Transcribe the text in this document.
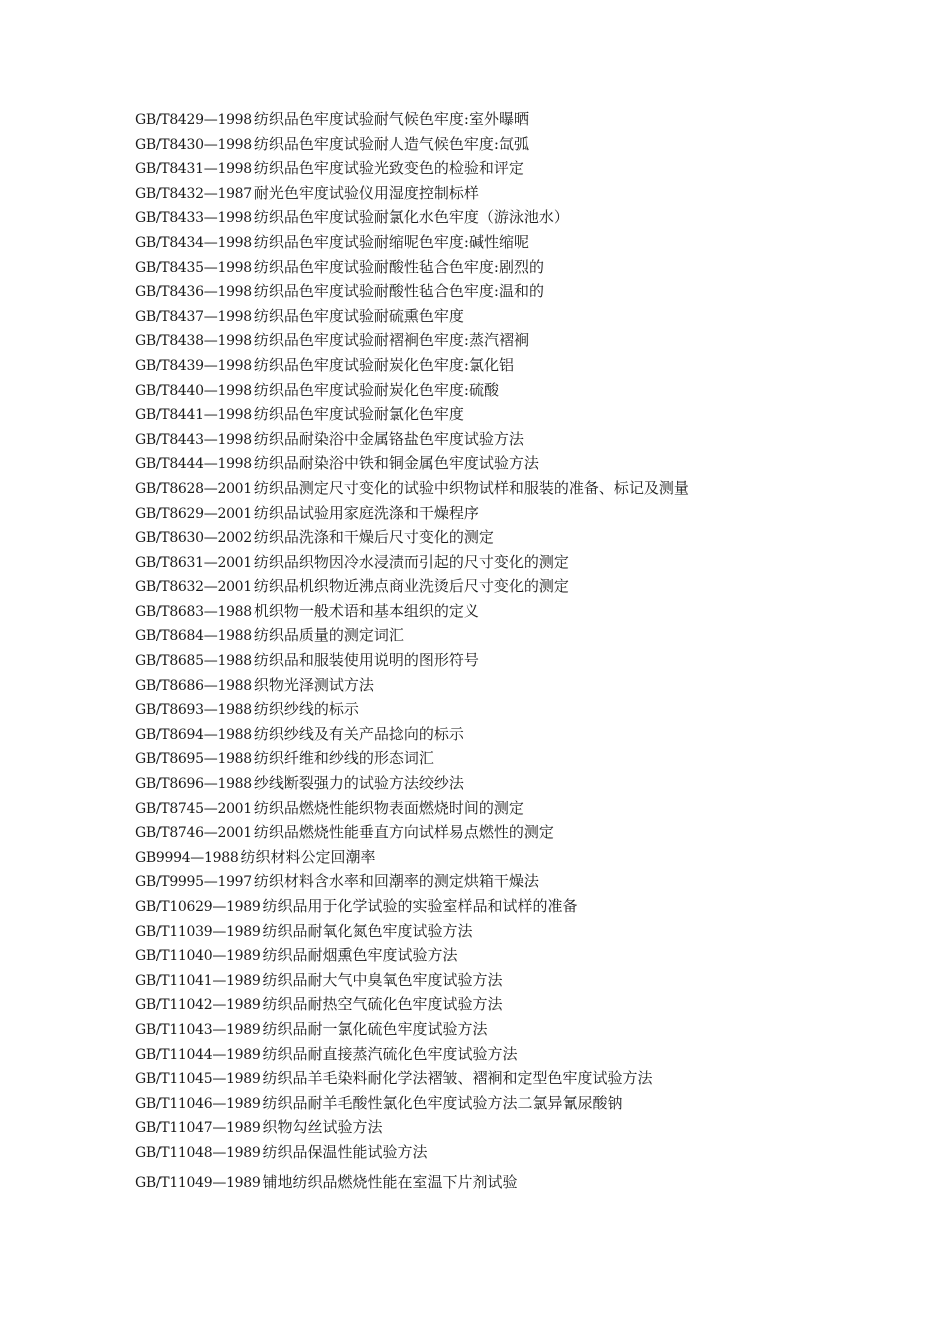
GB/T8429—1998 纺织品色牢度试验耐气候色牢度:室外曝晒
GB/T8430—1998 纺织品色牢度试验耐人造气候色牢度:氙弧
GB/T8431—1998 纺织品色牢度试验光致变色的检验和评定
GB/T8432—1987 耐光色牢度试验仪用湿度控制标样
GB/T8433—1998 纺织品色牢度试验耐氯化水色牢度（游泳池水）
GB/T8434—1998 纺织品色牢度试验耐缩呢色牢度:碱性缩呢
GB/T8435—1998 纺织品色牢度试验耐酸性毡合色牢度:剧烈的
GB/T8436—1998 纺织品色牢度试验耐酸性毡合色牢度:温和的
GB/T8437—1998 纺织品色牢度试验耐硫熏色牢度
GB/T8438—1998 纺织品色牢度试验耐褶裥色牢度:蒸汽褶裥
GB/T8439—1998 纺织品色牢度试验耐炭化色牢度:氯化铝
GB/T8440—1998 纺织品色牢度试验耐炭化色牢度:硫酸
GB/T8441—1998 纺织品色牢度试验耐氯化色牢度
GB/T8443—1998 纺织品耐染浴中金属铬盐色牢度试验方法
GB/T8444—1998 纺织品耐染浴中铁和铜金属色牢度试验方法
GB/T8628—2001 纺织品测定尺寸变化的试验中织物试样和服装的准备、标记及测量
GB/T8629—2001 纺织品试验用家庭洗涤和干燥程序
GB/T8630—2002 纺织品洗涤和干燥后尺寸变化的测定
GB/T8631—2001 纺织品织物因冷水浸渍而引起的尺寸变化的测定
GB/T8632—2001 纺织品机织物近沸点商业洗烫后尺寸变化的测定
GB/T8683—1988 机织物一般术语和基本组织的定义
GB/T8684—1988 纺织品质量的测定词汇
GB/T8685—1988 纺织品和服装使用说明的图形符号
GB/T8686—1988 织物光泽测试方法
GB/T8693—1988 纺织纱线的标示
GB/T8694—1988 纺织纱线及有关产品捻向的标示
GB/T8695—1988 纺织纤维和纱线的形态词汇
GB/T8696—1988 纱线断裂强力的试验方法绞纱法
GB/T8745—2001 纺织品燃烧性能织物表面燃烧时间的测定
GB/T8746—2001 纺织品燃烧性能垂直方向试样易点燃性的测定
GB9994—1988 纺织材料公定回潮率
GB/T9995—1997 纺织材料含水率和回潮率的测定烘箱干燥法
GB/T10629—1989 纺织品用于化学试验的实验室样品和试样的准备
GB/T11039—1989 纺织品耐氧化氮色牢度试验方法
GB/T11040—1989 纺织品耐烟熏色牢度试验方法
GB/T11041—1989 纺织品耐大气中臭氧色牢度试验方法
GB/T11042—1989 纺织品耐热空气硫化色牢度试验方法
GB/T11043—1989 纺织品耐一氯化硫色牢度试验方法
GB/T11044—1989 纺织品耐直接蒸汽硫化色牢度试验方法
GB/T11045—1989 纺织品羊毛染料耐化学法褶皱、褶裥和定型色牢度试验方法
GB/T11046—1989 纺织品耐羊毛酸性氯化色牢度试验方法二氯异氰尿酸钠
GB/T11047—1989 织物勾丝试验方法
GB/T11048—1989 纺织品保温性能试验方法
GB/T11049—1989 铺地纺织品燃烧性能在室温下片剂试验
